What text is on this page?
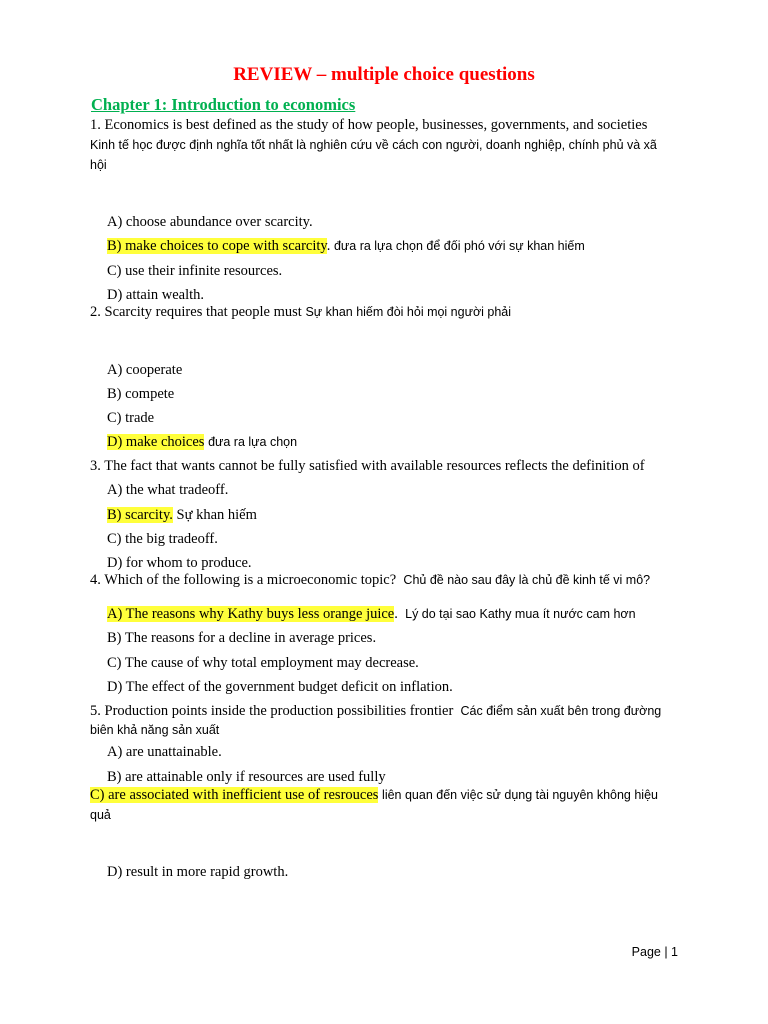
REVIEW – multiple choice questions
Chapter 1: Introduction to economics
1. Economics is best defined as the study of how people, businesses, governments, and societies
Kinh tế học được định nghĩa tốt nhất là nghiên cứu về cách con người, doanh nghiệp, chính phủ và xã
hội
A) choose abundance over scarcity.
B) make choices to cope with scarcity. đưa ra lựa chọn để đối phó với sự khan hiếm
C) use their infinite resources.
D) attain wealth.
2. Scarcity requires that people must Sự khan hiếm đòi hỏi mọi người phải
A) cooperate
B) compete
C) trade
D) make choices đưa ra lựa chọn
3. The fact that wants cannot be fully satisfied with available resources reflects the definition of
A) the what tradeoff.
B) scarcity. Sự khan hiếm
C) the big tradeoff.
D) for whom to produce.
4. Which of the following is a microeconomic topic? Chủ đề nào sau đây là chủ đề kinh tế vi mô?
A) The reasons why Kathy buys less orange juice. Lý do tại sao Kathy mua ít nước cam hơn
B) The reasons for a decline in average prices.
C) The cause of why total employment may decrease.
D) The effect of the government budget deficit on inflation.
5. Production points inside the production possibilities frontier Các điểm sản xuất bên trong đường
biên khả năng sản xuất
A) are unattainable.
B) are attainable only if resources are used fully
C) are associated with inefficient use of resrouces liên quan đến việc sử dụng tài nguyên không hiệu
quả
D) result in more rapid growth.
Page | 1
